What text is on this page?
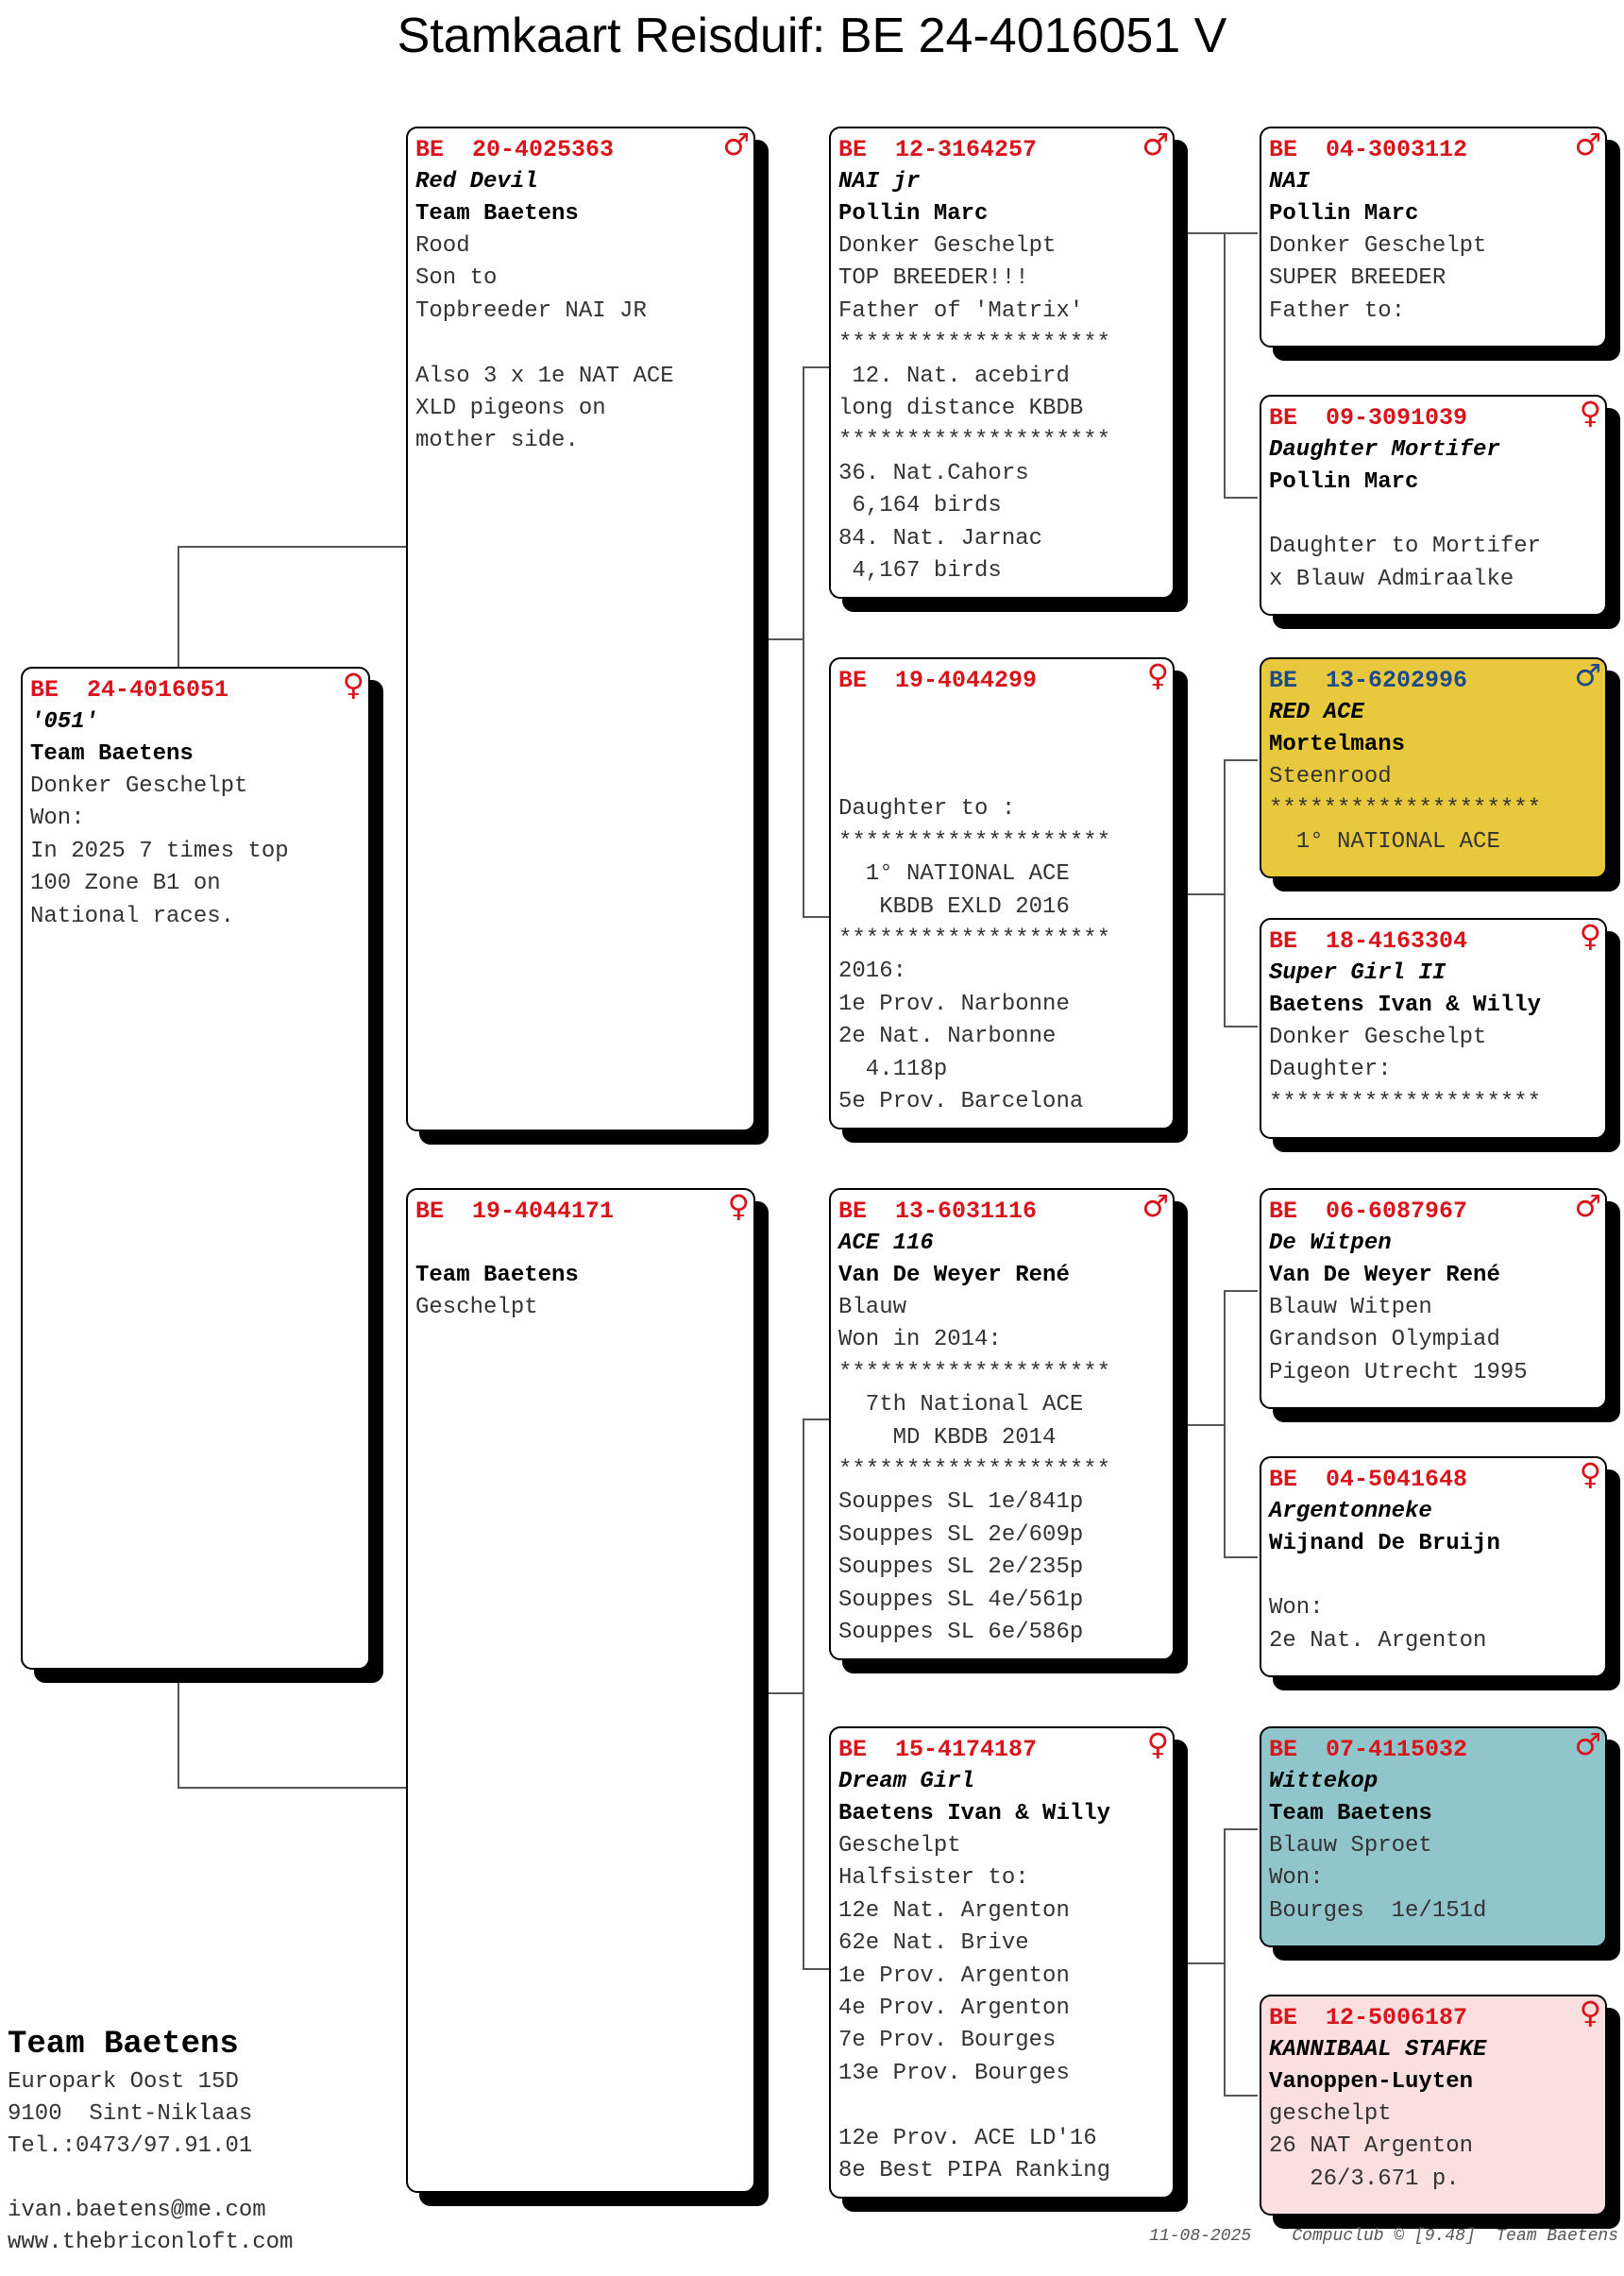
Stamkaart Reisduif: BE 24-4016051 V
BE  24-4016051	♀
'051'
Team Baetens
Donker Geschelpt
Won:
In 2025 7 times top
100 Zone B1 on
National races.
BE  20-4025363	♂
Red Devil
Team Baetens
Rood
Son to
Topbreeder NAI JR
Also 3 x 1e NAT ACE
XLD pigeons on
mother side.
BE  19-4044171	♀
Team Baetens
Geschelpt
BE  12-3164257	♂
NAI jr
Pollin Marc
Donker Geschelpt
TOP BREEDER!!!
Father of 'Matrix'
********************
12. Nat. acebird
long distance KBDB
********************
36. Nat.Cahors
6,164 birds
84. Nat. Jarnac
4,167 birds
BE  19-4044299	♀
Daughter to :
********************
1° NATIONAL ACE
KBDB EXLD 2016
********************
2016:
1e Prov. Narbonne
2e Nat. Narbonne
4.118p
5e Prov. Barcelona
BE  13-6031116	♂
ACE 116
Van De Weyer René
Blauw
Won in 2014:
********************
7th National ACE
MD KBDB 2014
********************
Souppes SL 1e/841p
Souppes SL 2e/609p
Souppes SL 2e/235p
Souppes SL 4e/561p
Souppes SL 6e/586p
BE  15-4174187	♀
Dream Girl
Baetens Ivan & Willy
Geschelpt
Halfsister to:
12e Nat. Argenton
62e Nat. Brive
1e Prov. Argenton
4e Prov. Argenton
7e Prov. Bourges
13e Prov. Bourges
12e Prov. ACE LD'16
8e Best PIPA Ranking
BE  04-3003112	♂
NAI
Pollin Marc
Donker Geschelpt
SUPER BREEDER
Father to:
BE  09-3091039	♀
Daughter Mortifer
Pollin Marc
Daughter to Mortifer
x Blauw Admiraalke
BE  13-6202996	♂
RED ACE
Mortelmans
Steenrood
********************
1° NATIONAL ACE
BE  18-4163304	♀
Super Girl II
Baetens Ivan & Willy
Donker Geschelpt
Daughter:
********************
BE  06-6087967	♂
De Witpen
Van De Weyer René
Blauw Witpen
Grandson Olympiad
Pigeon Utrecht 1995
BE  04-5041648	♀
Argentonneke
Wijnand De Bruijn
Won:
2e Nat. Argenton
BE  07-4115032	♂
Wittekop
Team Baetens
Blauw Sproet
Won:
Bourges  1e/151d
BE  12-5006187	♀
KANNIBAAL STAFKE
Vanoppen-Luyten
geschelpt
26 NAT Argenton
26/3.671 p.
Team Baetens
Europark Oost 15D
9100  Sint-Niklaas
Tel.:0473/97.91.01
ivan.baetens@me.com
www.thebriconloft.com	11-08-2025    Compuclub © [9.48]  Team Baetens
